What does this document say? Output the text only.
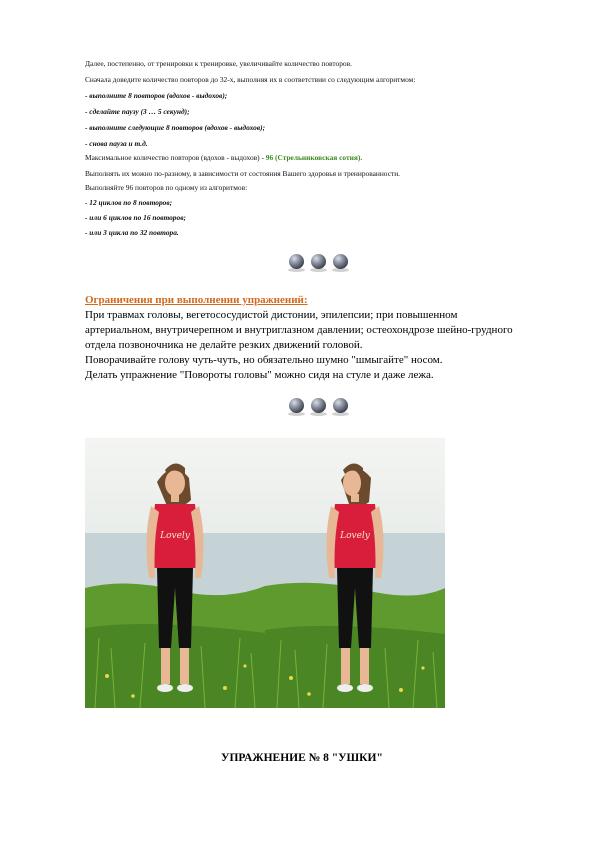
Далее, постепенно, от тренировки к тренировке, увеличивайте количество повторов.
Сначала доведите количество повторов до 32-х, выполняя их в соответствии со следующим алгоритмом:
- выполните 8 повторов (вдохов - выдохов);
- сделайте паузу (3 … 5 секунд);
- выполните следующие 8 повторов (вдохов - выдохов);
- снова пауза и т.д.
Максимальное количество повторов (вдохов - выдохов) - 96 (Стрельниковская сотня).
Выполнять их можно по-разному, в зависимости от состояния Вашего здоровья и тренированности.
Выполняйте 96 повторов по одному из алгоритмов:
- 12 циклов по 8 повторов;
- или 6 циклов по 16 повторов;
- или 3 цикла по 32 повтора.
Ограничения при выполнении упражнений:
При травмах головы, вегетососудистой дистонии, эпилепсии; при повышенном
артериальном, внутричерепном и внутриглазном давлении; остеохондрозе шейно-грудного
отдела позвоночника не делайте резких движений головой.
Поворачивайте голову чуть-чуть, но обязательно шумно "шмыгайте" носом.
Делать упражнение "Повороты головы" можно сидя на стуле и даже лежа.
Lovely	Lovely
УПРАЖНЕНИЕ № 8 "УШКИ"
